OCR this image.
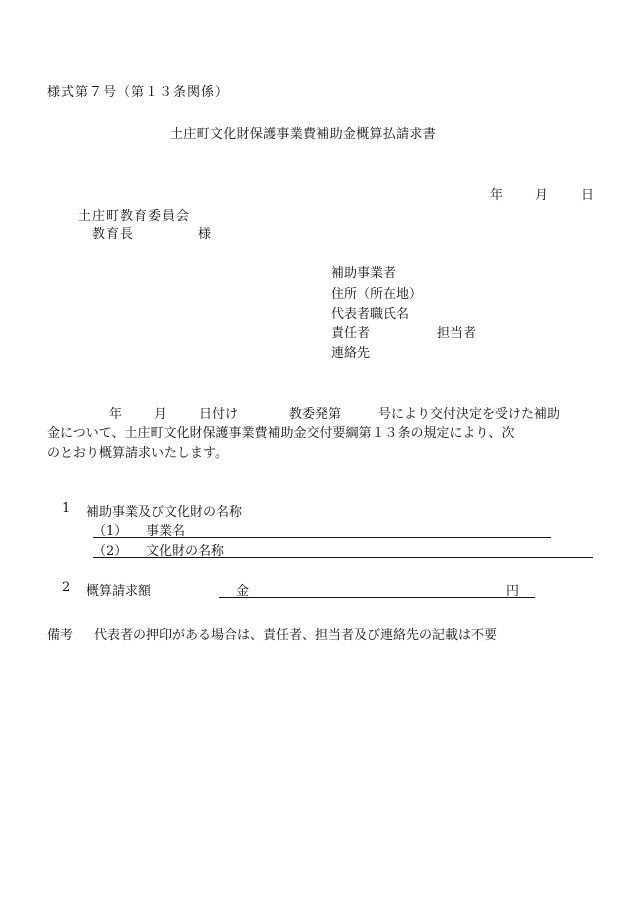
様式第７号（第１３条関係）
土庄町文化財保護事業費補助金概算払請求書
年 月	日
土庄町教育委員会
教育長	様
補助事業者
住所（所在地）
代表者職氏名
責任者	担当者
連絡先
年 月 日付け	教委発第	号により交付決定を受けた補助
金について、土庄町文化財保護事業費補助金交付要綱第１３条の規定により、次
のとおり概算請求いたします。
1 補助事業及び文化財の名称
（1） 事業名
（2） 文化財の名称
2 概算請求額	金	円
備考 代表者の押印がある場合は、責任者、担当者及び連絡先の記載は不要
